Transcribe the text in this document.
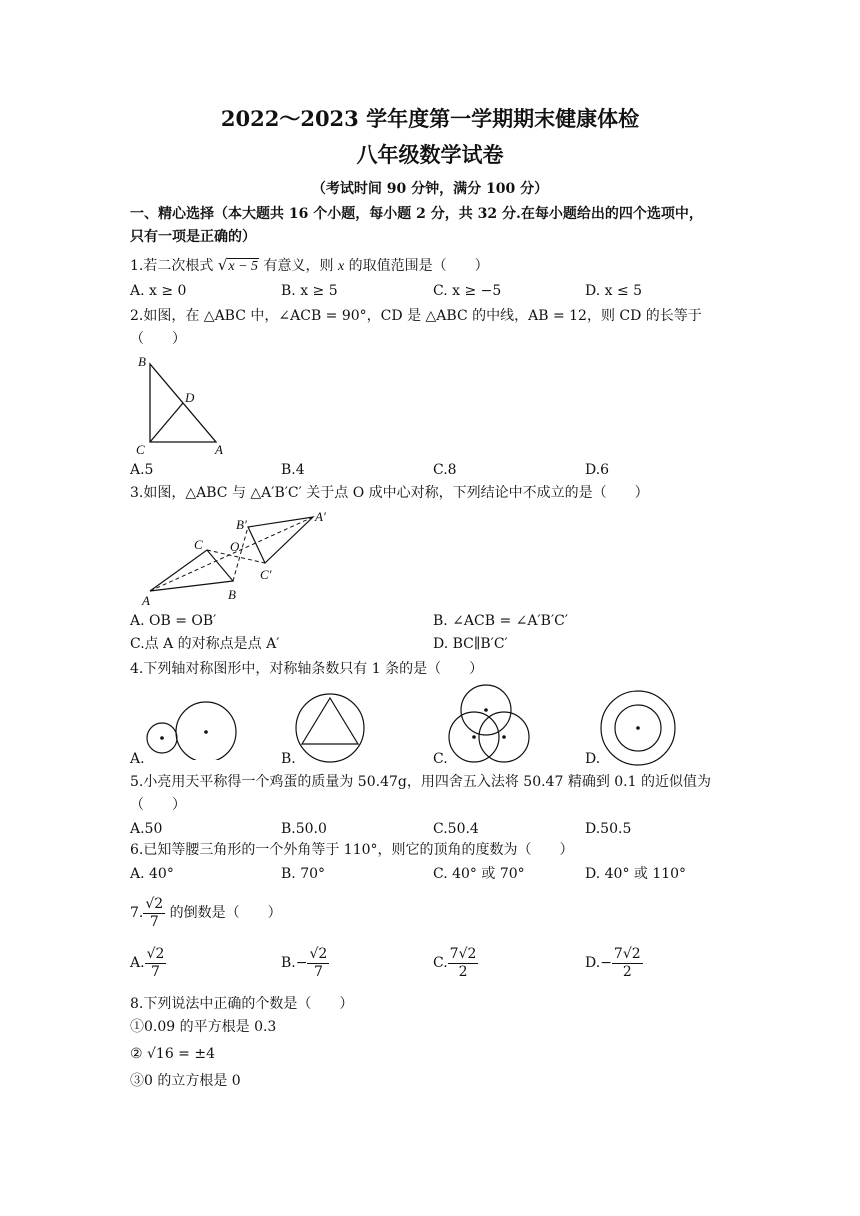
2022～2023 学年度第一学期期末健康体检
八年级数学试卷
（考试时间 90 分钟，满分 100 分）
一、精心选择（本大题共 16 个小题，每小题 2 分，共 32 分.在每小题给出的四个选项中，
只有一项是正确的）
1.若二次根式 √x − 5 有意义，则 x 的取值范围是（　　）
A. x ≥ 0	B. x ≥ 5	C. x ≥ −5	D. x ≤ 5
2.如图，在 △ABC 中，∠ACB = 90°，CD 是 △ABC 的中线，AB = 12，则 CD 的长等于
（　　）
B
D
C	A
A.5	B.4	C.8	D.6
3.如图，△ABC 与 △A′B′C′ 关于点 O 成中心对称，下列结论中不成立的是（　　）
B′
A′
C O
C′
A	B
A. OB = OB′	B. ∠ACB = ∠A′B′C′
C.点 A 的对称点是点 A′	D. BC∥B′C′
4.下列轴对称图形中，对称轴条数只有 1 条的是（　　）
A.	B.	C.	D.
5.小亮用天平称得一个鸡蛋的质量为 50.47g，用四舍五入法将 50.47 精确到 0.1 的近似值为
（　　）
A.50	B.50.0	C.50.4	D.50.5
6.已知等腰三角形的一个外角等于 110°，则它的顶角的度数为（　　）
A. 40°	B. 70°	C. 40° 或 70°	D. 40° 或 110°
7. $\frac{√2}{7}$ 的倒数是（　　）
A. $\frac{√2}{7}$	$B.- \frac{√2}{7}$	C. $\frac{7√2}{2}$	$D.- \frac{7√2}{2}$
8.下列说法中正确的个数是（　　）
①0.09 的平方根是 0.3
② √16 = ±4
③0 的立方根是 0
